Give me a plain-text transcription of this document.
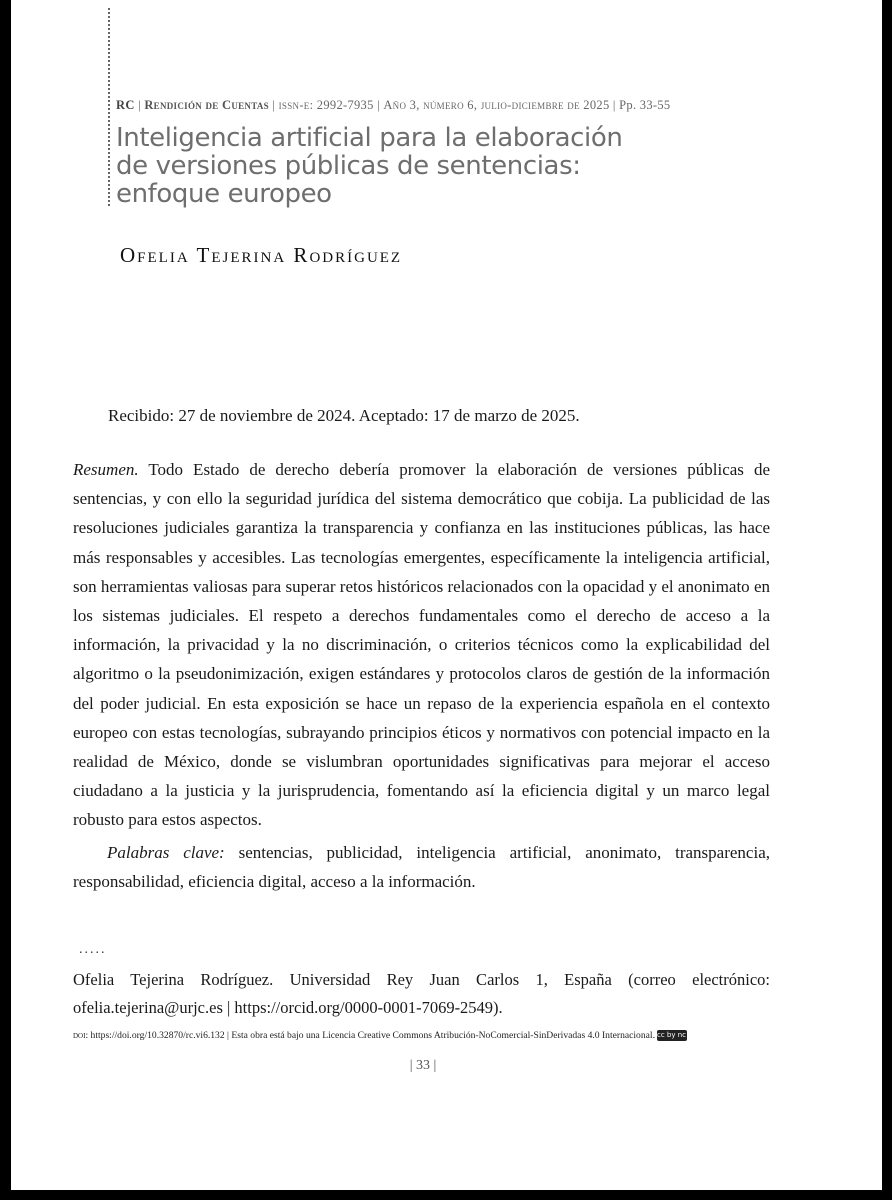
RC | Rendición de Cuentas | issn-e: 2992-7935 | Año 3, número 6, julio-diciembre de 2025 | Pp. 33-55
Inteligencia artificial para la elaboración
de versiones públicas de sentencias:
enfoque europeo
Ofelia Tejerina Rodríguez
Recibido: 27 de noviembre de 2024. Aceptado: 17 de marzo de 2025.

Resumen. Todo Estado de derecho debería promover la elaboración de versiones públicas de sentencias, y con ello la seguridad jurídica del sistema democrático que cobija. La publicidad de las resoluciones judiciales garantiza la transparencia y confianza en las instituciones públicas, las hace más responsables y accesibles. Las tecnologías emergentes, específicamente la inteligencia artificial, son herramientas valiosas para superar retos históricos relacionados con la opacidad y el anonimato en los sistemas judiciales. El respeto a derechos fundamentales como el derecho de acceso a la información, la privacidad y la no discriminación, o criterios técnicos como la explicabilidad del algoritmo o la pseudonimización, exigen estándares y protocolos claros de gestión de la información del poder judicial. En esta exposición se hace un repaso de la experiencia española en el contexto europeo con estas tecnologías, subrayando principios éticos y normativos con potencial impacto en la realidad de México, donde se vislumbran oportunidades significativas para mejorar el acceso ciudadano a la justicia y la jurisprudencia, fomentando así la eficiencia digital y un marco legal robusto para estos aspectos.

Palabras clave: sentencias, publicidad, inteligencia artificial, anonimato, transparencia, responsabilidad, eficiencia digital, acceso a la información.

.....
Ofelia Tejerina Rodríguez. Universidad Rey Juan Carlos 1, España (correo electrónico: ofelia.tejerina@urjc.es | https://orcid.org/0000-0001-7069-2549).
doi: https://doi.org/10.32870/rc.vi6.132 | Esta obra está bajo una Licencia Creative Commons Atribución-NoComercial-SinDerivadas 4.0 Internacional. cc by nc nd
| 33 |
